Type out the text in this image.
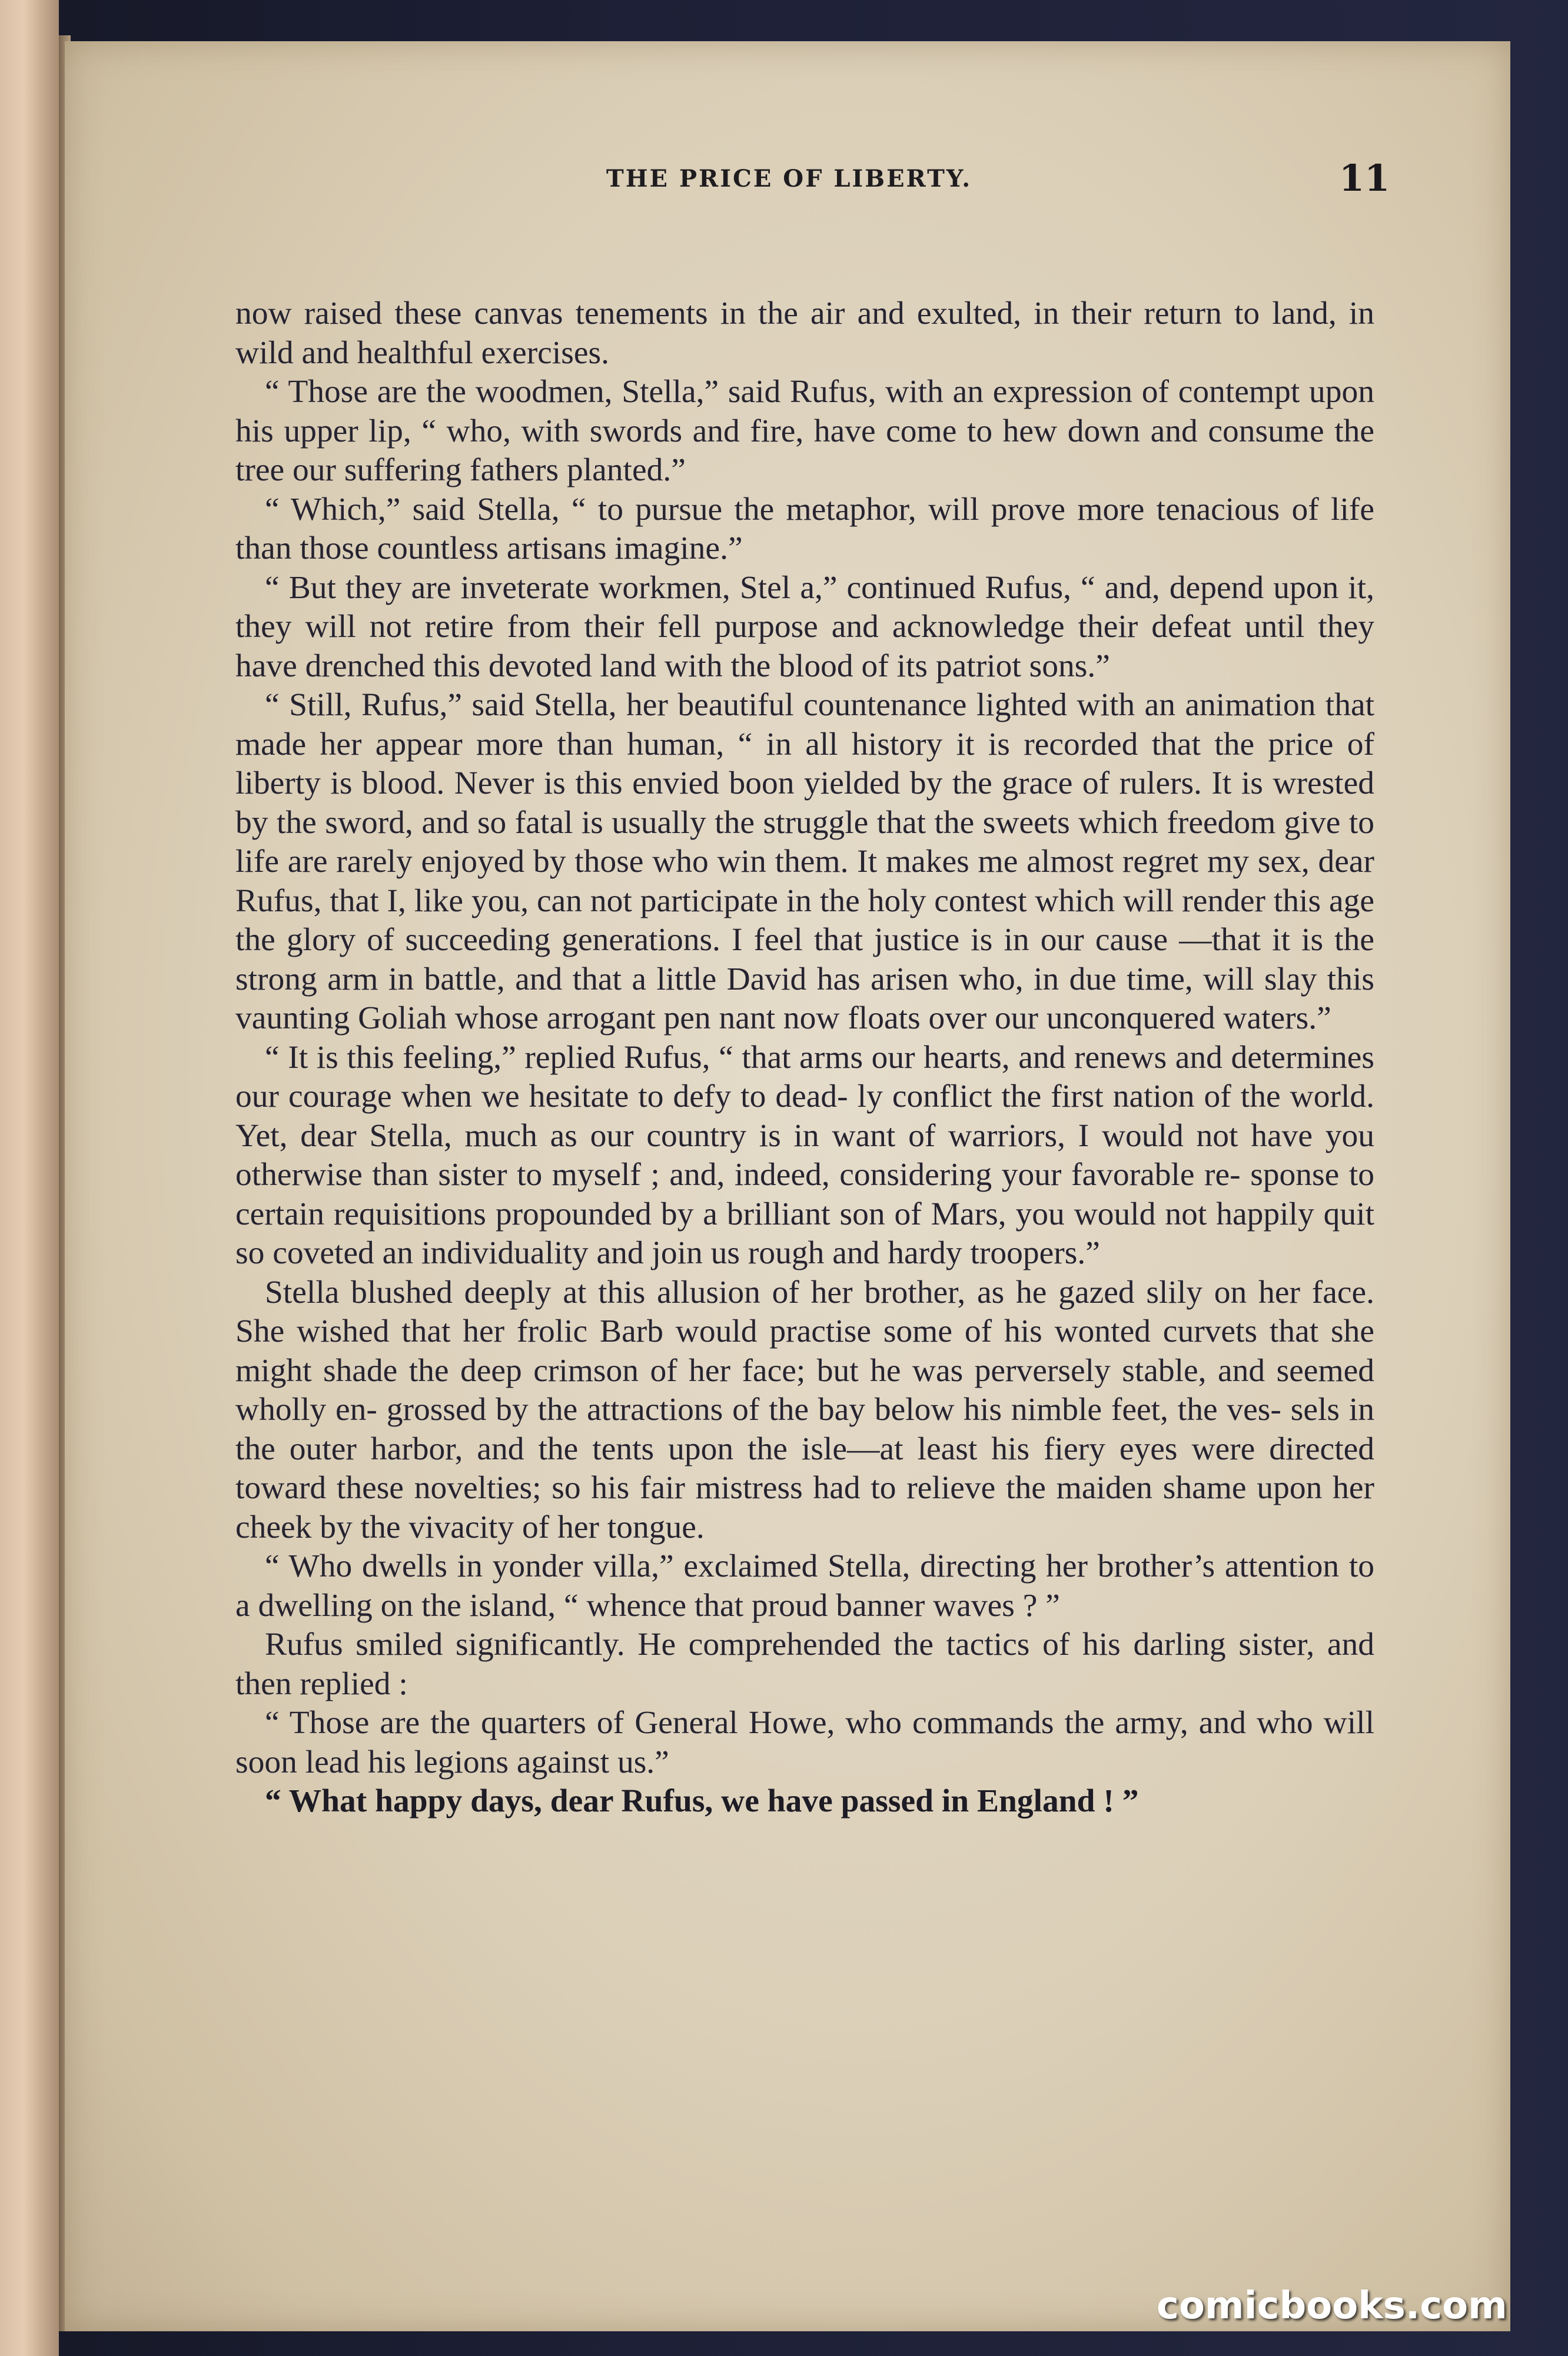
THE PRICE OF LIBERTY.	11

now raised these canvas tenements in the air and exulted, in their return to land, in wild and healthful exercises.

“ Those are the woodmen, Stella,” said Rufus, with an expression of contempt upon his upper lip, “ who, with swords and fire, have come to hew down and consume the tree our suffering fathers planted.”

“ Which,” said Stella, “ to pursue the metaphor, will prove more tenacious of life than those countless artisans imagine.”

“ But they are inveterate workmen, Stel a,” continued Rufus, “ and, depend upon it, they will not retire from their fell purpose and acknowledge their defeat until they have drenched this devoted land with the blood of its patriot sons.”

“ Still, Rufus,” said Stella, her beautiful countenance lighted with an animation that made her appear more than human, “ in all history it is recorded that the price of liberty is blood. Never is this envied boon yielded by the grace of rulers. It is wrested by the sword, and so fatal is usually the struggle that the sweets which freedom give to life are rarely enjoyed by those who win them. It makes me almost regret my sex, dear Rufus, that I, like you, can not participate in the holy contest which will render this age the glory of succeeding generations. I feel that justice is in our cause —that it is the strong arm in battle, and that a little David has arisen who, in due time, will slay this vaunting Goliah whose arrogant pen nant now floats over our unconquered waters.”

“ It is this feeling,” replied Rufus, “ that arms our hearts, and renews and determines our courage when we hesitate to defy to dead- ly conflict the first nation of the world. Yet, dear Stella, much as our country is in want of warriors, I would not have you otherwise than sister to myself ; and, indeed, considering your favorable re- sponse to certain requisitions propounded by a brilliant son of Mars, you would not happily quit so coveted an individuality and join us rough and hardy troopers.”

Stella blushed deeply at this allusion of her brother, as he gazed slily on her face. She wished that her frolic Barb would practise some of his wonted curvets that she might shade the deep crimson of her face; but he was perversely stable, and seemed wholly en- grossed by the attractions of the bay below his nimble feet, the ves- sels in the outer harbor, and the tents upon the isle—at least his fiery eyes were directed toward these novelties; so his fair mistress had to relieve the maiden shame upon her cheek by the vivacity of her tongue.

“ Who dwells in yonder villa,” exclaimed Stella, directing her brother’s attention to a dwelling on the island, “ whence that proud banner waves ? ”

Rufus smiled significantly. He comprehended the tactics of his darling sister, and then replied :

“ Those are the quarters of General Howe, who commands the army, and who will soon lead his legions against us.”

“ What happy days, dear Rufus, we have passed in England ! ”

comicbooks.com
